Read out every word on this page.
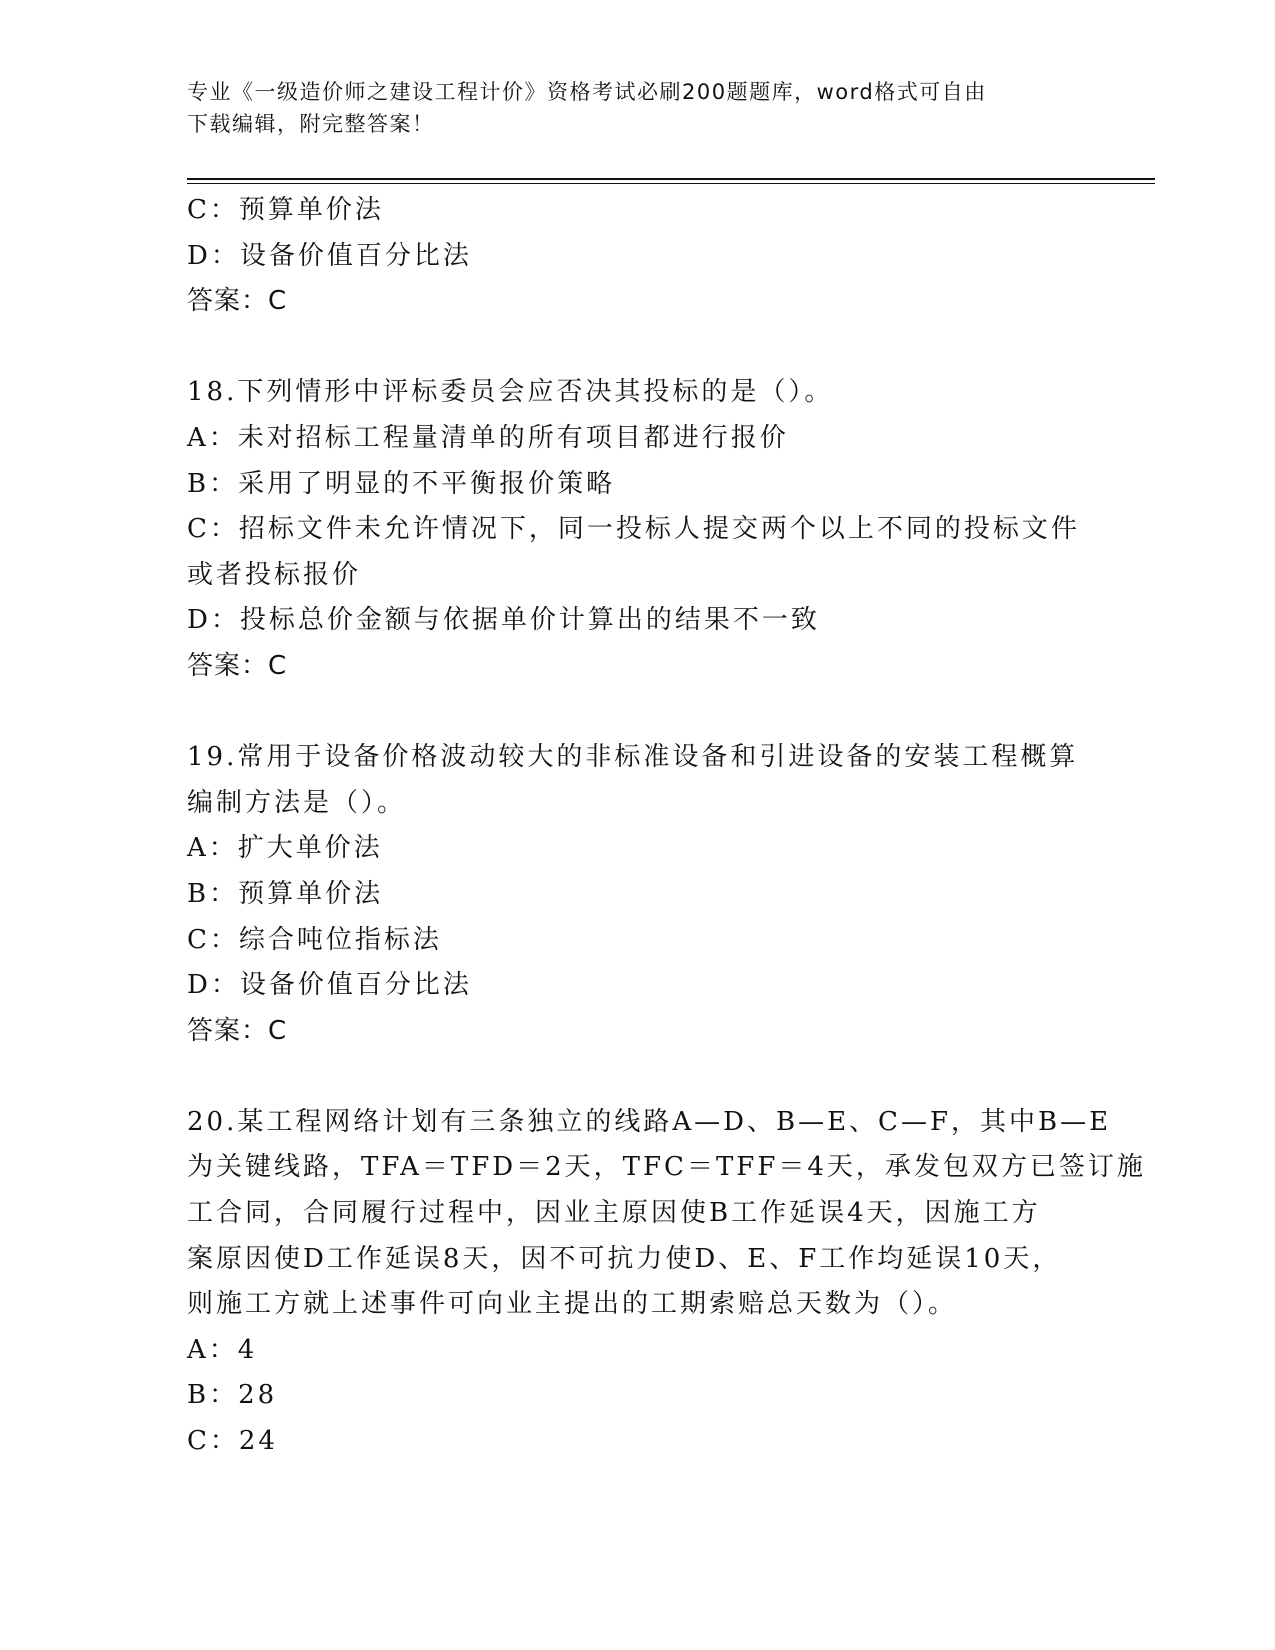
专业《一级造价师之建设工程计价》资格考试必刷200题题库，word格式可自由
下载编辑，附完整答案！
C：预算单价法
D：设备价值百分比法
答案：C
18.下列情形中评标委员会应否决其投标的是（）。
A：未对招标工程量清单的所有项目都进行报价
B：采用了明显的不平衡报价策略
C：招标文件未允许情况下，同一投标人提交两个以上不同的投标文件
或者投标报价
D：投标总价金额与依据单价计算出的结果不一致
答案：C
19.常用于设备价格波动较大的非标准设备和引进设备的安装工程概算
编制方法是（）。
A：扩大单价法
B：预算单价法
C：综合吨位指标法
D：设备价值百分比法
答案：C
20.某工程网络计划有三条独立的线路A—D、B—E、C—F，其中B—E
为关键线路，TFA＝TFD＝2天，TFC＝TFF＝4天，承发包双方已签订施
工合同，合同履行过程中，因业主原因使B工作延误4天，因施工方
案原因使D工作延误8天，因不可抗力使D、E、F工作均延误10天，
则施工方就上述事件可向业主提出的工期索赔总天数为（）。
A：4
B：28
C：24
